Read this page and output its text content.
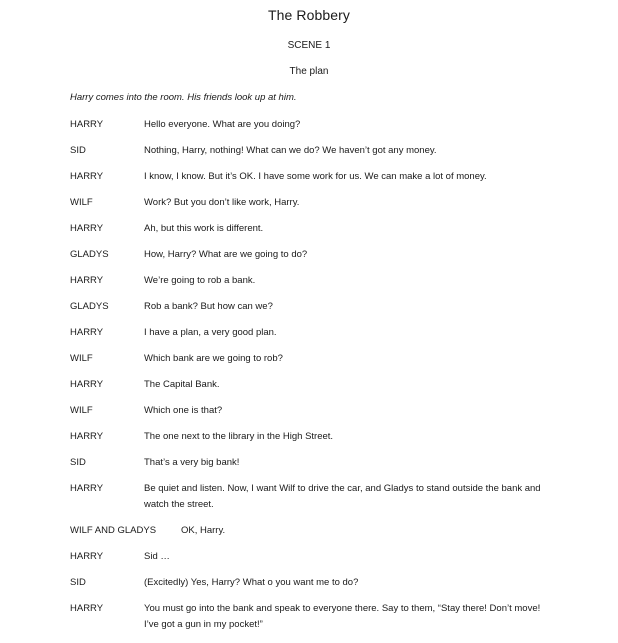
The Robbery
SCENE 1
The plan
Harry comes into the room. His friends look up at him.
HARRY	Hello everyone. What are you doing?
SID	Nothing, Harry, nothing! What can we do? We haven’t got any money.
HARRY	I know, I know. But it’s OK. I have some work for us. We can make a lot of money.
WILF	Work? But you don’t like work, Harry.
HARRY	Ah, but this work is different.
GLADYS	How, Harry? What are we going to do?
HARRY	We’re going to rob a bank.
GLADYS	Rob a bank? But how can we?
HARRY	I have a plan, a very good plan.
WILF	Which bank are we going to rob?
HARRY	The Capital Bank.
WILF	Which one is that?
HARRY	The one next to the library in the High Street.
SID	That’s a very big bank!
HARRY	Be quiet and listen. Now, I want Wilf to drive the car, and Gladys to stand outside the bank and watch the street.
WILF AND GLADYS	OK, Harry.
HARRY	Sid …
SID	(Excitedly) Yes, Harry? What o you want me to do?
HARRY	You must go into the bank and speak to everyone there. Say to them, “Stay there! Don’t move! I’ve got a gun in my pocket!”
